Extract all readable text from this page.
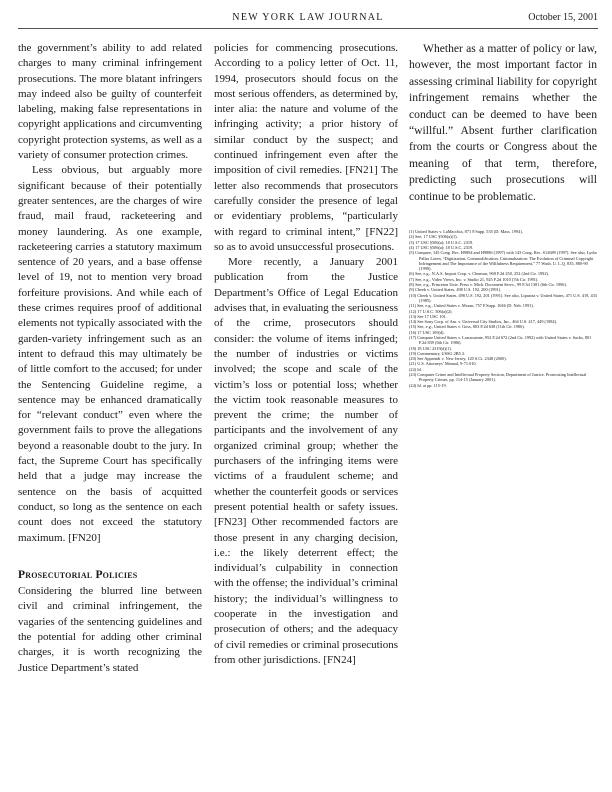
NEW YORK LAW JOURNAL	October 15, 2001

the government’s ability to add related charges to many criminal infringement prosecutions. The more blatant infringers may indeed also be guilty of counterfeit labeling, making false representations in copyright applications and circumventing copyright protection systems, as well as a variety of consumer protection crimes.

Less obvious, but arguably more significant because of their potentially greater sentences, are the charges of wire fraud, mail fraud, racketeering and money laundering. As one example, racketeering carries a statutory maximum sentence of 20 years, and a base offense level of 19, not to mention very broad forfeiture provisions. And while each of these crimes requires proof of additional elements not typically associated with the garden-variety infringement such as an intent to defraud this may ultimately be of little comfort to the accused; for under the Sentencing Guideline regime, a sentence may be enhanced dramatically for “relevant conduct” even where the government fails to prove the allegations beyond a reasonable doubt to the jury. In fact, the Supreme Court has specifically held that a judge may increase the sentence on the basis of acquitted conduct, so long as the sentence on each count does not exceed the statutory maximum. [FN20]

Prosecutorial Policies

Considering the blurred line between civil and criminal infringement, the vagaries of the sentencing guidelines and the potential for adding other criminal charges, it is worth recognizing the Justice Department’s stated

policies for commencing prosecutions. According to a policy letter of Oct. 11, 1994, prosecutors should focus on the most serious offenders, as determined by, inter alia: the nature and volume of the infringing activity; a prior history of similar conduct by the suspect; and continued infringement even after the imposition of civil remedies. [FN21] The letter also recommends that prosecutors carefully consider the presence of legal or evidentiary problems, “particularly with regard to criminal intent,” [FN22] so as to avoid unsuccessful prosecutions.

More recently, a January 2001 publication from the Justice Department’s Office of Legal Education advises that, in evaluating the seriousness of the crime, prosecutors should consider: the volume of items infringed; the number of industries or victims involved; the scope and scale of the victim’s loss or potential loss; whether the victim took reasonable measures to prevent the crime; the number of participants and the involvement of any organized criminal group; whether the purchasers of the infringing items were victims of a fraudulent scheme; and whether the counterfeit goods or services present potential health or safety issues. [FN23] Other recommended factors are those present in any charging decision, i.e.: the likely deterrent effect; the individual’s culpability in connection with the offense; the individual’s criminal history; the individual’s willingness to cooperate in the investigation and prosecution of others; and the adequacy of civil remedies or criminal prosecutions from other jurisdictions. [FN24]

Whether as a matter of policy or law, however, the most important factor in assessing criminal liability for copyright infringement remains whether the conduct can be deemed to have been “willful.” Absent further clarification from the courts or Congress about the meaning of that term, therefore, predicting such prosecutions will continue to be problematic.

(1) United States v. LaMacchia, 871 F.Supp. 535 (D. Mass. 1994).
(2) See, 17 USC §506(a)(1).
(3) 17 USC §506(a); 18 U.S.C. 2319.
(4) 17 USC §506(a); 18 U.S.C. 2319.
(5) Compare, 145 Cong. Rec. H9884 and H9886 (1997) with 143 Cong. Rec. S12689 (1997). See also, Lydia Pallas Loren, “Digitization, Commodification, Criminalization: The Evolution of Criminal Copyright Infringement and The Importance of the Willfulness Requirement,” 77 Wash. U. L.Q. 835, 880-90 (1999).
(6) See, e.g., N.A.S. Import Corp. v. Chenson, 968 F.2d 250, 252 (2nd Cir. 1992).
(7) See, e.g., Video Views, Inc. v. Studio 21, 925 F.2d 1010 (7th Cir. 1991).
(8) See, e.g., Princeton Univ. Press v. Mich. Document Servs., 99 F.3d 1381 (6th Cir. 1996).
(9) Cheek v. United States, 498 U.S. 192, 200 (1991).
(10) Cheek v. United States, 498 U.S. 192, 201 (1991). See also, Liparota v. United States, 471 U.S. 419, 433 (1985).
(11) See, e.g., United States v. Moran, 757 F.Supp. 1046 (D. Neb. 1991).
(12) 17 U.S.C. 506(a)(2).
(13) See 17 USC 101.
(14) See Sony Corp. of Am. v. Universal City Studios, Inc., 464 U.S. 417, 449 (1984).
(15) See, e.g., United States v. Goss, 803 F.2d 638 (11th Cir. 1986).
(16) 17 USC 109(d).
(17) Compare United States v. Larracuente, 952 F.2d 672 (2nd Cir. 1992) with United States v. Sachs, 801 F.2d 839 (6th Cir. 1986).
(18) 18 USC 2319(d)(1).
(19) Commentary, USSG 2B5.3.
(20) See Apprendi v. New Jersey, 120 S.Ct. 2348 (2000).
(21) U.S. Attorneys’ Manual, 9-71.010.
(22) Id.
(23) Computer Crime and Intellectual Property Section, Department of Justice, Prosecuting Intellectual Property Crimes, pp. 114-15 (January 2001).
(24) Id. at pp. 115-19.
